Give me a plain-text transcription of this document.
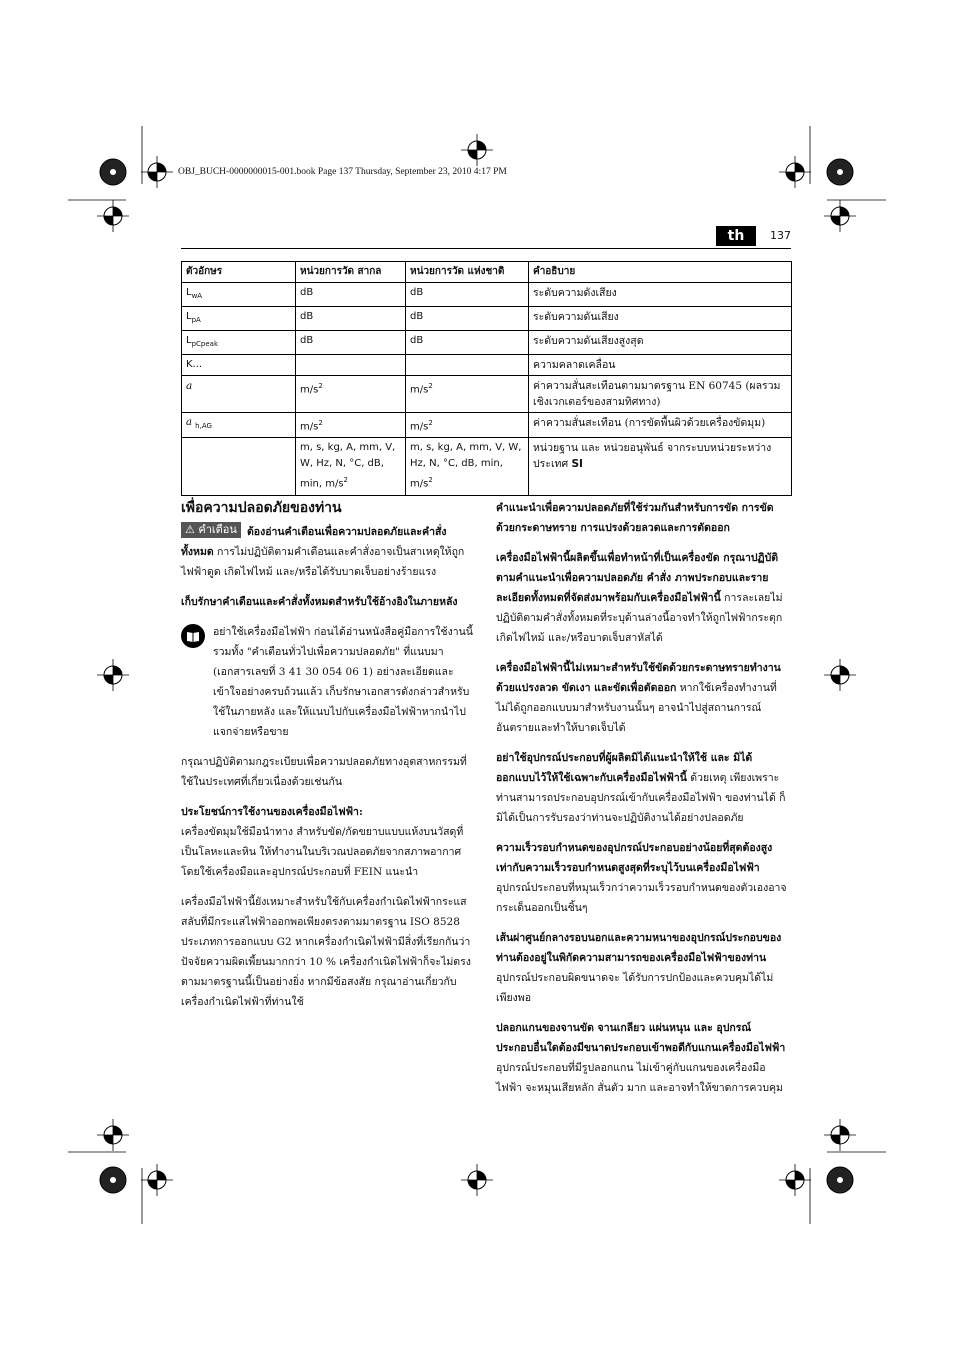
OBJ_BUCH-0000000015-001.book Page 137 Thursday, September 23, 2010 4:17 PM
th	137
ตัวอักษร	หน่วยการวัด สากล	หน่วยการวัด แห่งชาติ	คำอธิบาย
$L_{wA}$	dB	dB	ระดับความดังเสียง
$L_{pA}$	dB	dB	ระดับความดันเสียง
$L_{pCpeak}$	dB	dB	ระดับความดันเสียงสูงสุด
K...			ความคลาดเคลื่อน
a	$m/s^2$	$m/s^2$	ค่าความสั่นสะเทือนตามมาตรฐาน EN 60745 (ผลรวมเชิงเวกเตอร์ของสามทิศทาง)
a $_{h,AG}$	$m/s^2$	$m/s^2$	ค่าความสั่นสะเทือน (การขัดพื้นผิวด้วยเครื่องขัดมุม)
	m, s, kg, A, mm, V, W, Hz, N, °C, dB, min, $m/s^2$	m, s, kg, A, mm, V, W, Hz, N, °C, dB, min, $m/s^2$	หน่วยฐาน และ หน่วยอนุพันธ์ จากระบบหน่วยระหว่างประเทศ SI
เพื่อความปลอดภัยของท่าน

⚠ คำเตือน ต้องอ่านคำเตือนเพื่อความปลอดภัยและคำสั่งทั้งหมด การไม่ปฏิบัติตามคำเตือนและคำสั่งอาจเป็นสาเหตุให้ถูกไฟฟ้าดูด เกิดไฟไหม้ และ/หรือได้รับบาดเจ็บอย่างร้ายแรง

เก็บรักษาคำเตือนและคำสั่งทั้งหมดสำหรับใช้อ้างอิงในภายหลัง

อย่าใช้เครื่องมือไฟฟ้า ก่อนได้อ่านหนังสือคู่มือการใช้งานนี้ รวมทั้ง "คำเตือนทั่วไปเพื่อความปลอดภัย" ที่แนบมา (เอกสารเลขที่ 3 41 30 054 06 1) อย่างละเอียดและเข้าใจอย่างครบถ้วนแล้ว เก็บรักษาเอกสารดังกล่าวสำหรับใช้ในภายหลัง และให้แนบไปกับเครื่องมือไฟฟ้าหากนำไปแจกจ่ายหรือขาย

กรุณาปฏิบัติตามกฎระเบียบเพื่อความปลอดภัยทางอุตสาหกรรมที่ใช้ในประเทศที่เกี่ยวเนื่องด้วยเช่นกัน

ประโยชน์การใช้งานของเครื่องมือไฟฟ้า:

เครื่องขัดมุมใช้มือนำทาง สำหรับขัด/กัดขยาบแบบแห้งบนวัสดุที่เป็นโลหะและหิน ให้ทำงานในบริเวณปลอดภัยจากสภาพอากาศ โดยใช้เครื่องมือและอุปกรณ์ประกอบที่ FEIN แนะนำ

เครื่องมือไฟฟ้านี้ยังเหมาะสำหรับใช้กับเครื่องกำเนิดไฟฟ้ากระแสสลับที่มีกระแสไฟฟ้าออกพอเพียงตรงตามมาตรฐาน ISO 8528 ประเภทการออกแบบ G2 หากเครื่องกำเนิดไฟฟ้ามีสิ่งที่เรียกกันว่าปัจจัยความผิดเพี้ยนมากกว่า 10 % เครื่องกำเนิดไฟฟ้าก็จะไม่ตรงตามมาตรฐานนี้เป็นอย่างยิ่ง หากมีข้อสงสัย กรุณาอ่านเกี่ยวกับเครื่องกำเนิดไฟฟ้าที่ท่านใช้

คำแนะนำเพื่อความปลอดภัยที่ใช้ร่วมกันสำหรับการขัด การขัดด้วยกระดาษทราย การแปรงด้วยลวดและการตัดออก

เครื่องมือไฟฟ้านี้ผลิตขึ้นเพื่อทำหน้าที่เป็นเครื่องขัด กรุณาปฏิบัติตามคำแนะนำเพื่อความปลอดภัย คำสั่ง ภาพประกอบและรายละเอียดทั้งหมดที่จัดส่งมาพร้อมกับเครื่องมือไฟฟ้านี้ การละเลยไม่ปฏิบัติตามคำสั่งทั้งหมดที่ระบุด้านล่างนี้อาจทำให้ถูกไฟฟ้ากระตุก เกิดไฟไหม้ และ/หรือบาดเจ็บสาหัสได้

เครื่องมือไฟฟ้านี้ไม่เหมาะสำหรับใช้ขัดด้วยกระดาษทรายทำงานด้วยแปรงลวด ขัดเงา และขัดเพื่อตัดออก หากใช้เครื่องทำงานที่ไม่ได้ถูกออกแบบมาสำหรับงานนั้นๆ อาจนำไปสู่สถานการณ์อันตรายและทำให้บาดเจ็บได้

อย่าใช้อุปกรณ์ประกอบที่ผู้ผลิตมิได้แนะนำให้ใช้ และ มิได้ออกแบบไว้ให้ใช้เฉพาะกับเครื่องมือไฟฟ้านี้ ด้วยเหตุ เพียงเพราะท่านสามารถประกอบอุปกรณ์เข้ากับเครื่องมือไฟฟ้า ของท่านได้ ก็มิได้เป็นการรับรองว่าท่านจะปฏิบัติงานได้อย่างปลอดภัย

ความเร็วรอบกำหนดของอุปกรณ์ประกอบอย่างน้อยที่สุดต้องสูงเท่ากับความเร็วรอบกำหนดสูงสุดที่ระบุไว้บนเครื่องมือไฟฟ้า อุปกรณ์ประกอบที่หมุนเร็วกว่าความเร็วรอบกำหนดของตัวเองอาจกระเด็นออกเป็นชิ้นๆ

เส้นผ่าศูนย์กลางรอบนอกและความหนาของอุปกรณ์ประกอบของท่านต้องอยู่ในพิกัดความสามารถของเครื่องมือไฟฟ้าของท่าน อุปกรณ์ประกอบผิดขนาดจะ ได้รับการปกป้องและควบคุมได้ไม่เพียงพอ

ปลอกแกนของจานขัด จานเกลียว แผ่นหนุน และ อุปกรณ์ประกอบอื่นใดต้องมีขนาดประกอบเข้าพอดีกับแกนเครื่องมือไฟฟ้า อุปกรณ์ประกอบที่มีรูปลอกแกน ไม่เข้าคู่กับแกนของเครื่องมือไฟฟ้า จะหมุนเสียหลัก สั่นตัว มาก และอาจทำให้ขาดการควบคุม
